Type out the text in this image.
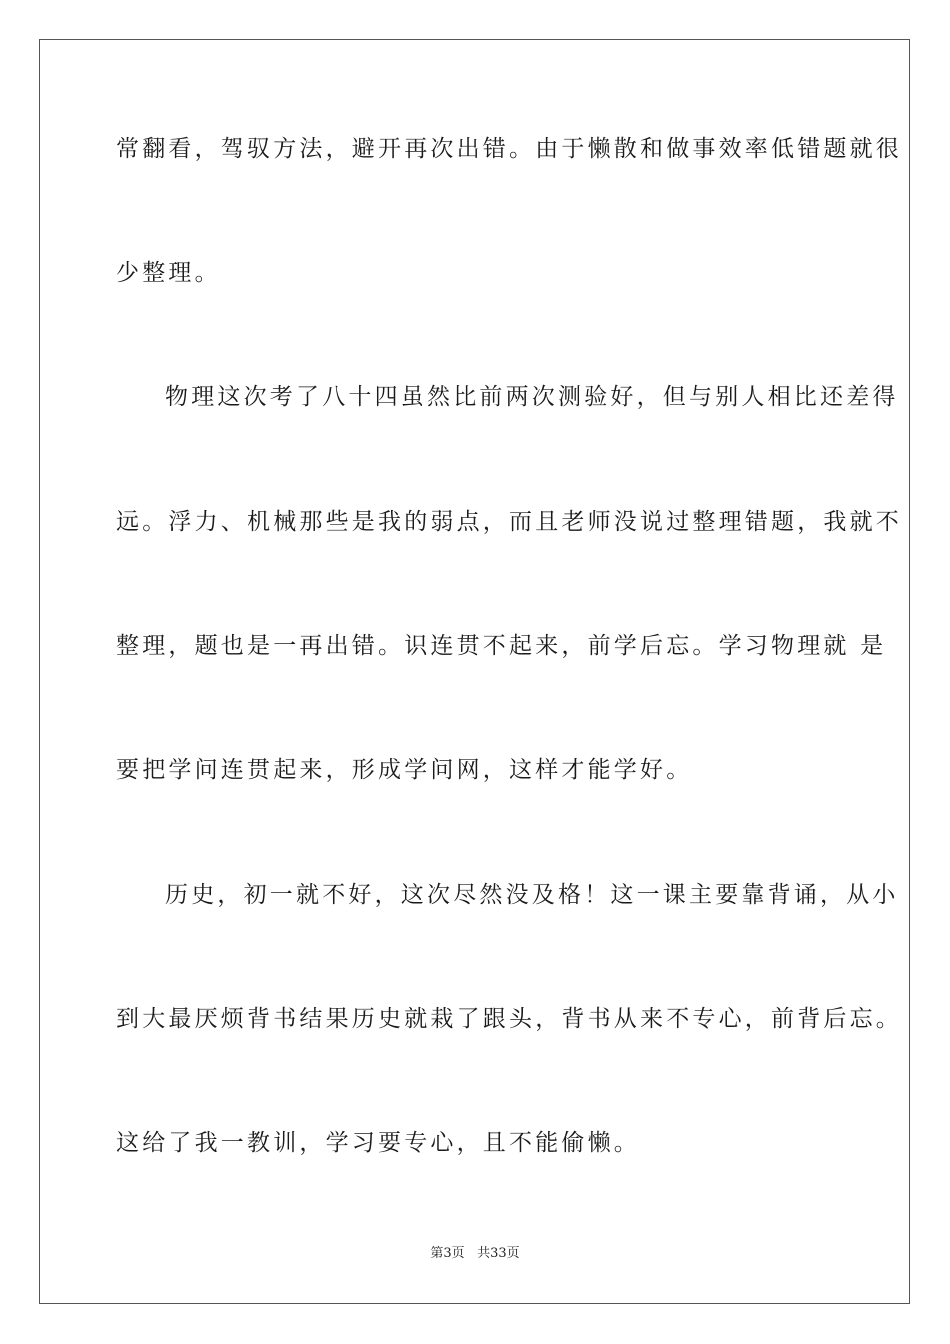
常翻看，驾驭方法，避开再次出错。由于懒散和做事效率低错题就很
少整理。
物理这次考了八十四虽然比前两次测验好，但与别人相比还差得
远。浮力、机械那些是我的弱点，而且老师没说过整理错题，我就不
整理，题也是一再出错。识连贯不起来，前学后忘。学习物理就 是
要把学问连贯起来，形成学问网，这样才能学好。
历史，初一就不好，这次尽然没及格！这一课主要靠背诵，从小
到大最厌烦背书结果历史就栽了跟头，背书从来不专心，前背后忘。
这给了我一教训，学习要专心，且不能偷懒。
第3页 共33页
